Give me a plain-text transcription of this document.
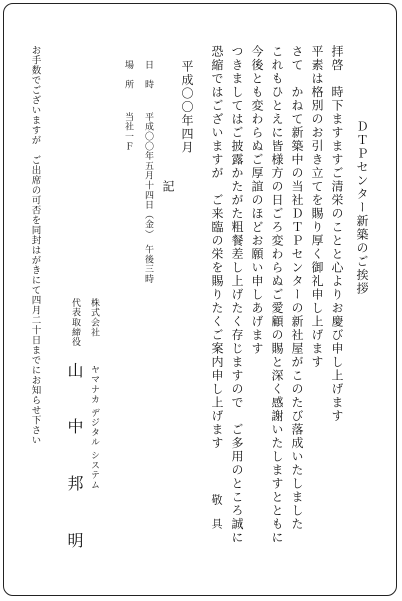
ＤＴＰセンター新築のご挨拶
拝啓　時下ますますご清栄のことと心よりお慶び申し上げます
平素は格別のお引き立てを賜り厚く御礼申し上げます
さて　かねて新築中の当社ＤＴＰセンターの新社屋がこのたび落成いたしました
これもひとえに皆様方の日ごろ変わらぬご愛顧の賜と深く感謝いたしますとともに
今後とも変わらぬご厚誼のほどお願い申しあげます
つきましてはご披露かたがた粗餐差し上げたく存じますので　ご多用のところ誠に
恐縮ではございますが　ご来臨の栄を賜りたくご案内申し上げます
敬　具
平成〇〇年四月
記
日　時
平成〇〇年五月十四日（金）　午後三時
場　所
当社一Ｆ
株式会社
ヤマナカ デジタル システム
代表取締役
山
中
邦
明
お手数でございますが　ご出席の可否を同封はがきにて四月二十日までにお知らせ下さい
